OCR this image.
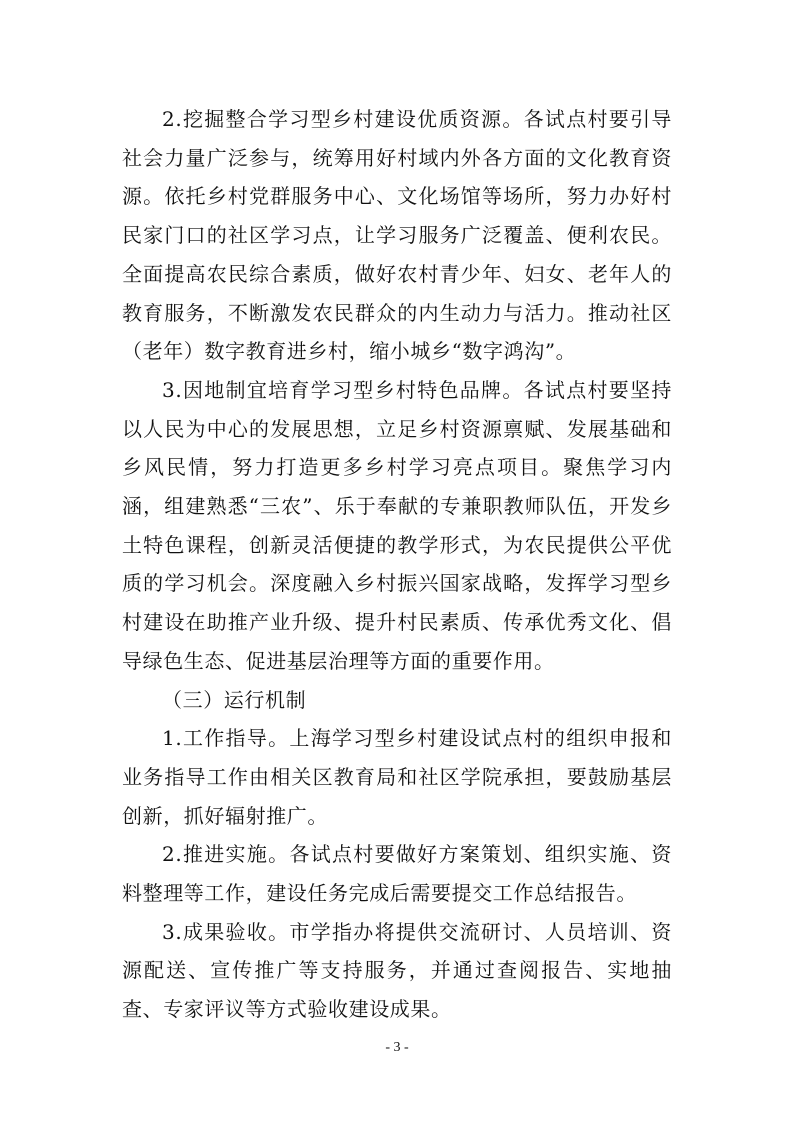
2.挖掘整合学习型乡村建设优质资源。各试点村要引导社会力量广泛参与，统筹用好村域内外各方面的文化教育资源。依托乡村党群服务中心、文化场馆等场所，努力办好村民家门口的社区学习点，让学习服务广泛覆盖、便利农民。全面提高农民综合素质，做好农村青少年、妇女、老年人的教育服务，不断激发农民群众的内生动力与活力。推动社区（老年）数字教育进乡村，缩小城乡“数字鸿沟”。

3.因地制宜培育学习型乡村特色品牌。各试点村要坚持以人民为中心的发展思想，立足乡村资源禀赋、发展基础和乡风民情，努力打造更多乡村学习亮点项目。聚焦学习内涵，组建熟悉“三农”、乐于奉献的专兼职教师队伍，开发乡土特色课程，创新灵活便捷的教学形式，为农民提供公平优质的学习机会。深度融入乡村振兴国家战略，发挥学习型乡村建设在助推产业升级、提升村民素质、传承优秀文化、倡导绿色生态、促进基层治理等方面的重要作用。

（三）运行机制

1.工作指导。上海学习型乡村建设试点村的组织申报和业务指导工作由相关区教育局和社区学院承担，要鼓励基层创新，抓好辐射推广。

2.推进实施。各试点村要做好方案策划、组织实施、资料整理等工作，建设任务完成后需要提交工作总结报告。

3.成果验收。市学指办将提供交流研讨、人员培训、资源配送、宣传推广等支持服务，并通过查阅报告、实地抽查、专家评议等方式验收建设成果。

- 3 -
